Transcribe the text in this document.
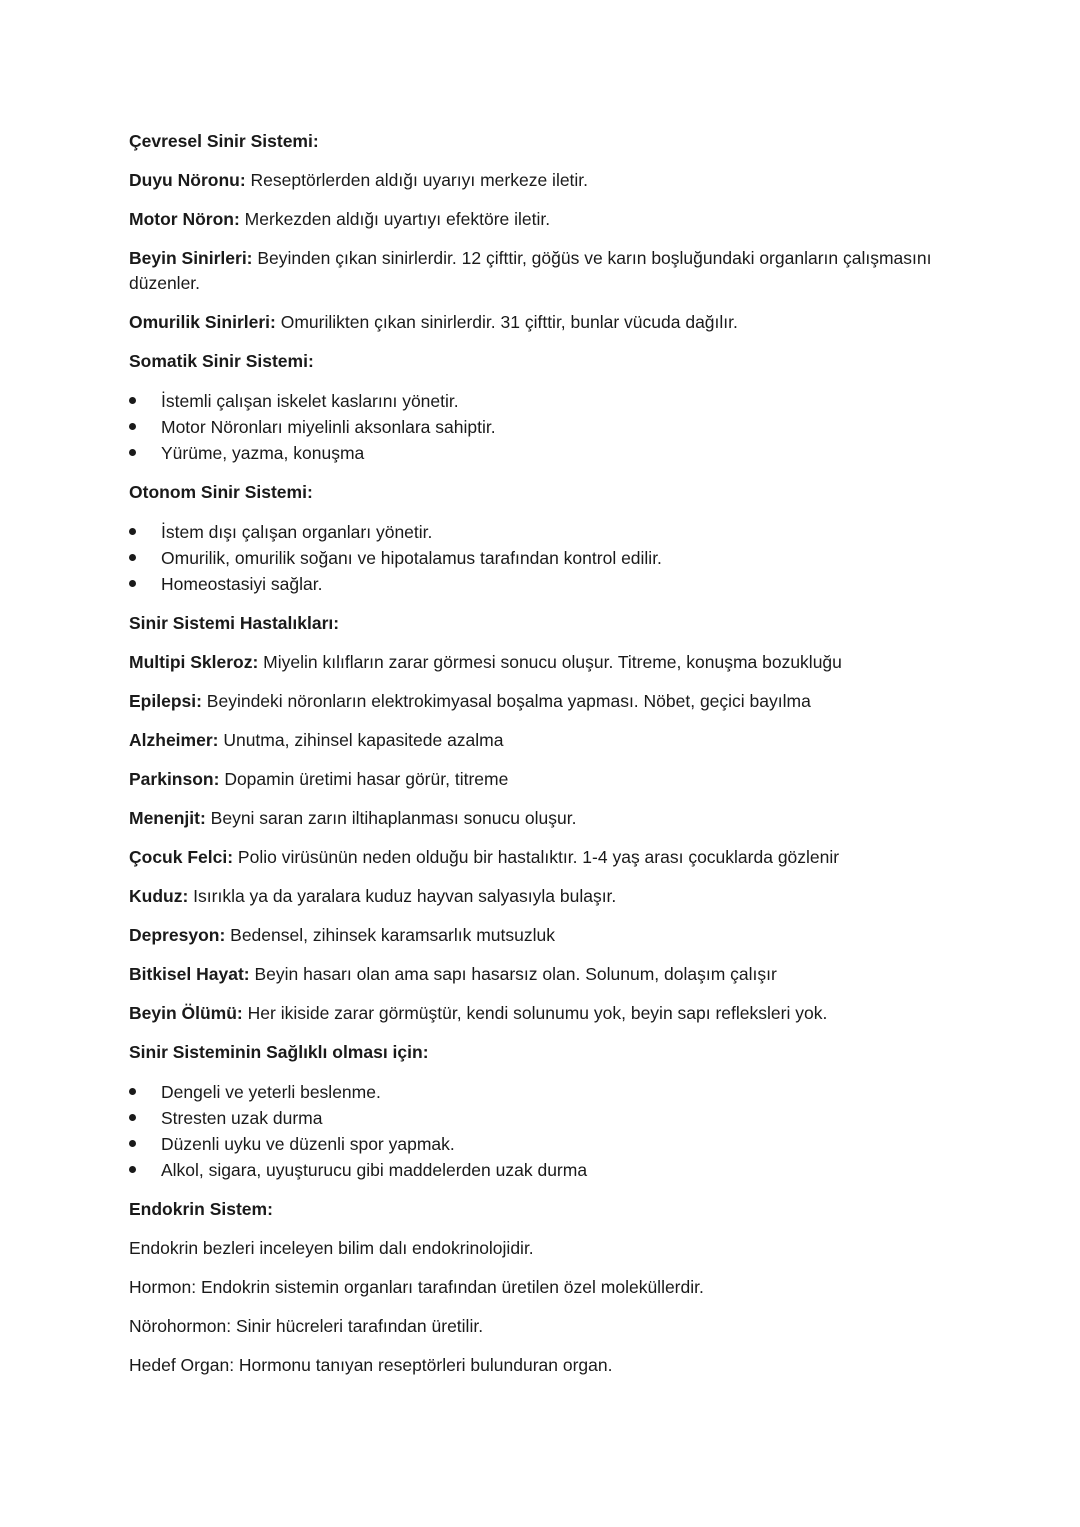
Çevresel Sinir Sistemi:

Duyu Nöronu: Reseptörlerden aldığı uyarıyı merkeze iletir.

Motor Nöron: Merkezden aldığı uyartıyı efektöre iletir.

Beyin Sinirleri: Beyinden çıkan sinirlerdir. 12 çifttir, göğüs ve karın boşluğundaki organların çalışmasını düzenler.

Omurilik Sinirleri: Omurilikten çıkan sinirlerdir. 31 çifttir, bunlar vücuda dağılır.

Somatik Sinir Sistemi:

İstemli çalışan iskelet kaslarını yönetir.
Motor Nöronları miyelinli aksonlara sahiptir.
Yürüme, yazma, konuşma

Otonom Sinir Sistemi:

İstem dışı çalışan organları yönetir.
Omurilik, omurilik soğanı ve hipotalamus tarafından kontrol edilir.
Homeostasiyi sağlar.

Sinir Sistemi Hastalıkları:

Multipi Skleroz: Miyelin kılıfların zarar görmesi sonucu oluşur. Titreme, konuşma bozukluğu

Epilepsi: Beyindeki nöronların elektrokimyasal boşalma yapması. Nöbet, geçici bayılma

Alzheimer: Unutma, zihinsel kapasitede azalma

Parkinson: Dopamin üretimi hasar görür, titreme

Menenjit: Beyni saran zarın iltihaplanması sonucu oluşur.

Çocuk Felci: Polio virüsünün neden olduğu bir hastalıktır. 1-4 yaş arası çocuklarda gözlenir

Kuduz: Isırıkla ya da yaralara kuduz hayvan salyasıyla bulaşır.

Depresyon: Bedensel, zihinsek karamsarlık mutsuzluk

Bitkisel Hayat: Beyin hasarı olan ama sapı hasarsız olan. Solunum, dolaşım çalışır

Beyin Ölümü: Her ikiside zarar görmüştür, kendi solunumu yok, beyin sapı refleksleri yok.

Sinir Sisteminin Sağlıklı olması için:

Dengeli ve yeterli beslenme.
Stresten uzak durma
Düzenli uyku ve düzenli spor yapmak.
Alkol, sigara, uyuşturucu gibi maddelerden uzak durma

Endokrin Sistem:

Endokrin bezleri inceleyen bilim dalı endokrinolojidir.

Hormon: Endokrin sistemin organları tarafından üretilen özel moleküllerdir.

Nörohormon: Sinir hücreleri tarafından üretilir.

Hedef Organ: Hormonu tanıyan reseptörleri bulunduran organ.
